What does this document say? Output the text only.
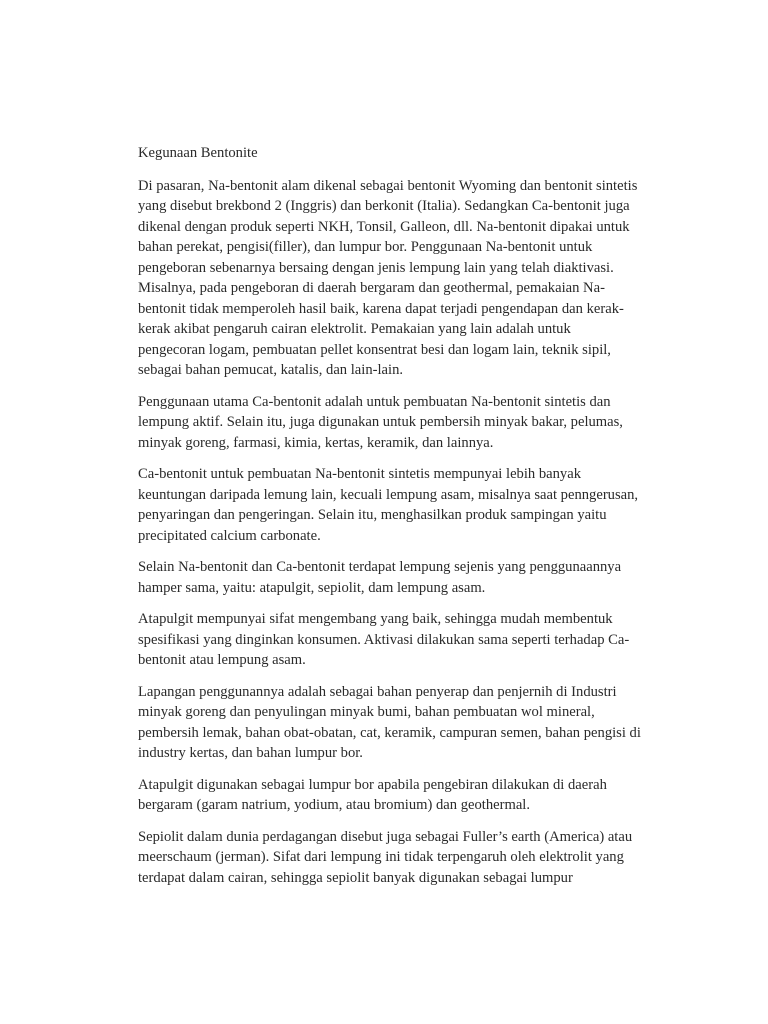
Kegunaan Bentonite
Di pasaran, Na-bentonit alam dikenal sebagai bentonit Wyoming dan bentonit sintetis
yang disebut brekbond 2 (Inggris) dan berkonit (Italia). Sedangkan Ca-bentonit juga
dikenal dengan produk seperti NKH, Tonsil, Galleon, dll. Na-bentonit dipakai untuk
bahan perekat, pengisi(filler), dan lumpur bor. Penggunaan Na-bentonit untuk
pengeboran sebenarnya bersaing dengan jenis lempung lain yang telah diaktivasi.
Misalnya, pada pengeboran di daerah bergaram dan geothermal, pemakaian Na-
bentonit tidak memperoleh hasil baik, karena dapat terjadi pengendapan dan kerak-
kerak akibat pengaruh cairan elektrolit. Pemakaian yang lain adalah untuk
pengecoran logam, pembuatan pellet konsentrat besi dan logam lain, teknik sipil,
sebagai bahan pemucat, katalis, dan lain-lain.
Penggunaan utama Ca-bentonit adalah untuk pembuatan Na-bentonit sintetis dan
lempung aktif. Selain itu, juga digunakan untuk pembersih minyak bakar, pelumas,
minyak goreng, farmasi, kimia, kertas, keramik, dan lainnya.
Ca-bentonit untuk pembuatan Na-bentonit sintetis mempunyai lebih banyak
keuntungan daripada lemung lain, kecuali lempung asam, misalnya saat penngerusan,
penyaringan dan pengeringan. Selain itu, menghasilkan produk sampingan yaitu
precipitated calcium carbonate.
Selain Na-bentonit dan Ca-bentonit terdapat lempung sejenis yang penggunaannya
hamper sama, yaitu: atapulgit, sepiolit, dam lempung asam.
Atapulgit mempunyai sifat mengembang yang baik, sehingga mudah membentuk
spesifikasi yang dinginkan konsumen. Aktivasi dilakukan sama seperti terhadap Ca-
bentonit atau lempung asam.
Lapangan penggunannya adalah sebagai bahan penyerap dan penjernih di Industri
minyak goreng dan penyulingan minyak bumi, bahan pembuatan wol mineral,
pembersih lemak, bahan obat-obatan, cat, keramik, campuran semen, bahan pengisi di
industry kertas, dan bahan lumpur bor.
Atapulgit digunakan sebagai lumpur bor apabila pengebiran dilakukan di daerah
bergaram (garam natrium, yodium, atau bromium) dan geothermal.
Sepiolit dalam dunia perdagangan disebut juga sebagai Fuller’s earth (America) atau
meerschaum (jerman). Sifat dari lempung ini tidak terpengaruh oleh elektrolit yang
terdapat dalam cairan, sehingga sepiolit banyak digunakan sebagai lumpur
